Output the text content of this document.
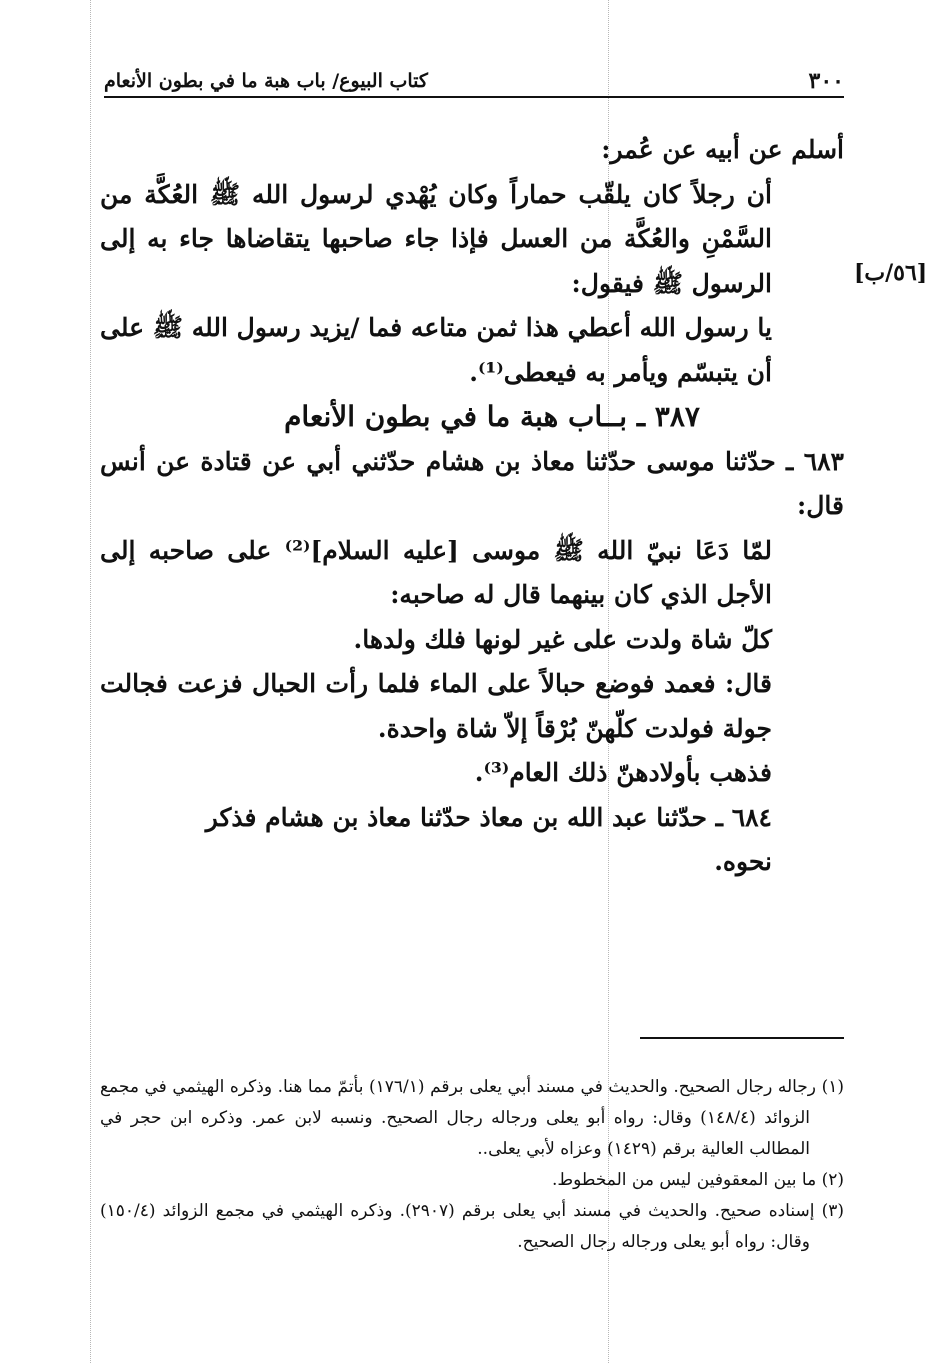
٣٠٠
كتاب البيوع/ باب هبة ما في بطون الأنعام
[٥٦/ب]

أسلم عن أبيه عن عُمر:

أن رجلاً كان يلقّب حماراً وكان يُهْدي لرسول الله ﷺ العُكَّة من السَّمْنِ والعُكَّة من العسل فإذا جاء صاحبها يتقاضاها جاء به إلى الرسول ﷺ فيقول:

يا رسول الله أعطي هذا ثمن متاعه فما /يزيد رسول الله ﷺ على أن يتبسّم ويأمر به فيعطى⁽¹⁾.

٣٨٧ ـ بــاب هبة ما في بطون الأنعام

٦٨٣ ـ حدّثنا موسى حدّثنا معاذ بن هشام حدّثني أبي عن قتادة عن أنس قال:

لمّا دَعَا نبيّ الله ﷺ موسى [عليه السلام]⁽²⁾ على صاحبه إلى الأجل الذي كان بينهما قال له صاحبه:

كلّ شاة ولدت على غير لونها فلك ولدها.

قال: فعمد فوضع حبالاً على الماء فلما رأت الحبال فزعت فجالت جولة فولدت كلّهنّ بُرْقاً إلاّ شاة واحدة.

فذهب بأولادهنّ ذلك العام⁽³⁾.

٦٨٤ ـ حدّثنا عبد الله بن معاذ حدّثنا معاذ بن هشام فذكر نحوه.

(١) رجاله رجال الصحيح. والحديث في مسند أبي يعلى برقم (١٧٦/١) بأتمّ مما هنا. وذكره الهيثمي في مجمع الزوائد (١٤٨/٤) وقال: رواه أبو يعلى ورجاله رجال الصحيح. ونسبه لابن عمر. وذكره ابن حجر في المطالب العالية برقم (١٤٢٩) وعزاه لأبي يعلى..

(٢) ما بين المعقوفين ليس من المخطوط.

(٣) إسناده صحيح. والحديث في مسند أبي يعلى برقم (٢٩٠٧). وذكره الهيثمي في مجمع الزوائد (١٥٠/٤) وقال: رواه أبو يعلى ورجاله رجال الصحيح.
